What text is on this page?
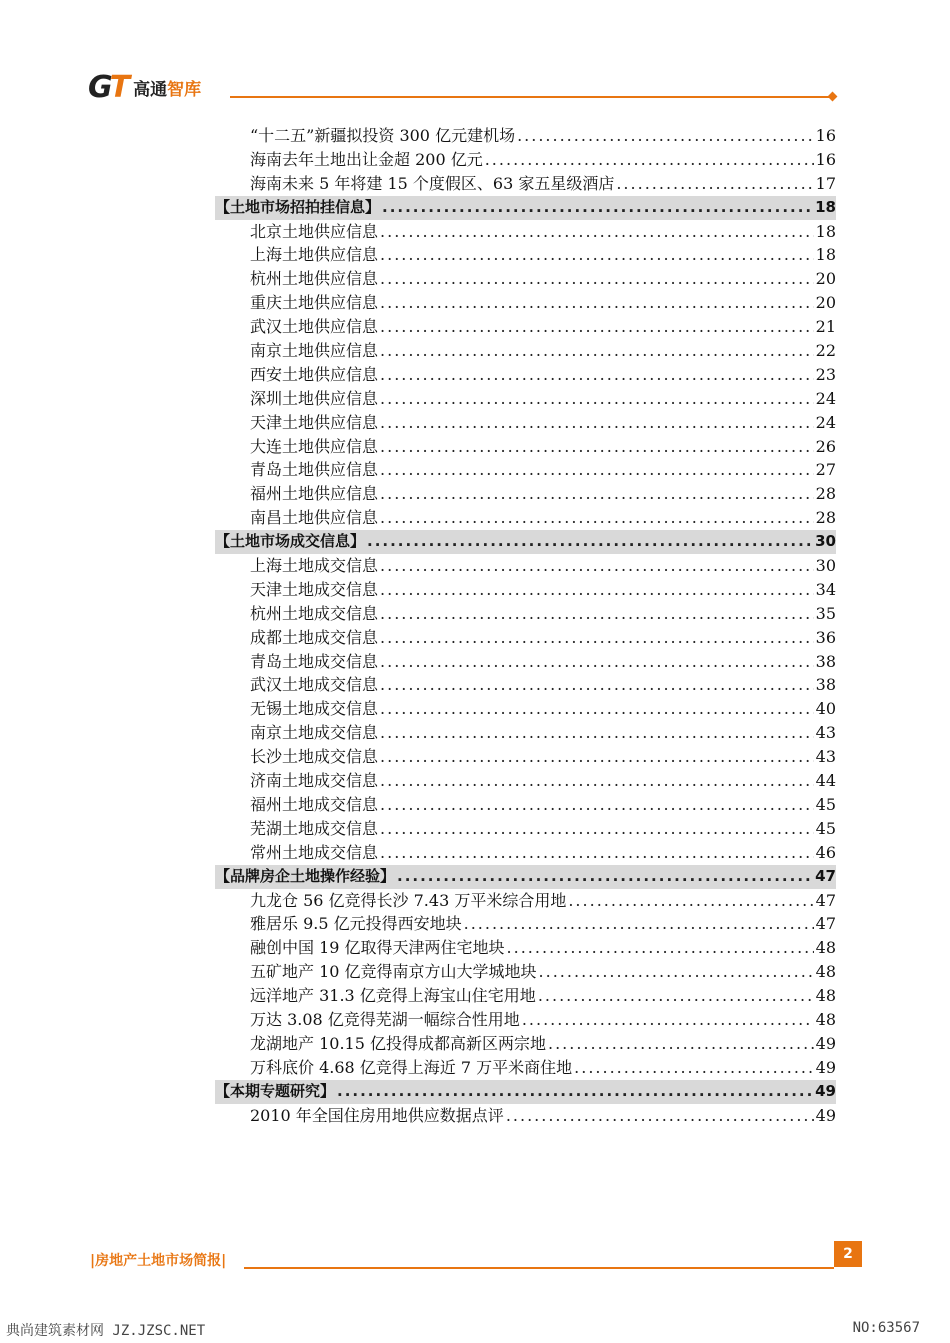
GT 高通智库
“十二五”新疆拟投资 300 亿元建机场 .....	16
海南去年土地出让金超 200 亿元 .....	16
海南未来 5 年将建 15 个度假区、63 家五星级酒店 .....	17
【土地市场招拍挂信息】 .....	18
北京土地供应信息 .....	18
上海土地供应信息 .....	18
杭州土地供应信息 .....	20
重庆土地供应信息 .....	20
武汉土地供应信息 .....	21
南京土地供应信息 .....	22
西安土地供应信息 .....	23
深圳土地供应信息 .....	24
天津土地供应信息 .....	24
大连土地供应信息 .....	26
青岛土地供应信息 .....	27
福州土地供应信息 .....	28
南昌土地供应信息 .....	28
【土地市场成交信息】 .....	30
上海土地成交信息 .....	30
天津土地成交信息 .....	34
杭州土地成交信息 .....	35
成都土地成交信息 .....	36
青岛土地成交信息 .....	38
武汉土地成交信息 .....	38
无锡土地成交信息 .....	40
南京土地成交信息 .....	43
长沙土地成交信息 .....	43
济南土地成交信息 .....	44
福州土地成交信息 .....	45
芜湖土地成交信息 .....	45
常州土地成交信息 .....	46
【品牌房企土地操作经验】 .....	47
九龙仓 56 亿竞得长沙 7.43 万平米综合用地 .....	47
雅居乐 9.5 亿元投得西安地块 .....	47
融创中国 19 亿取得天津两住宅地块 .....	48
五矿地产 10 亿竞得南京方山大学城地块 .....	48
远洋地产 31.3 亿竞得上海宝山住宅用地 .....	48
万达 3.08 亿竞得芜湖一幅综合性用地 .....	48
龙湖地产 10.15 亿投得成都高新区两宗地 .....	49
万科底价 4.68 亿竞得上海近 7 万平米商住地 .....	49
【本期专题研究】 .....	49
2010 年全国住房用地供应数据点评 .....	49
|房地产土地市场简报|	2
典尚建筑素材网 JZ.JZSC.NET	NO:63567
